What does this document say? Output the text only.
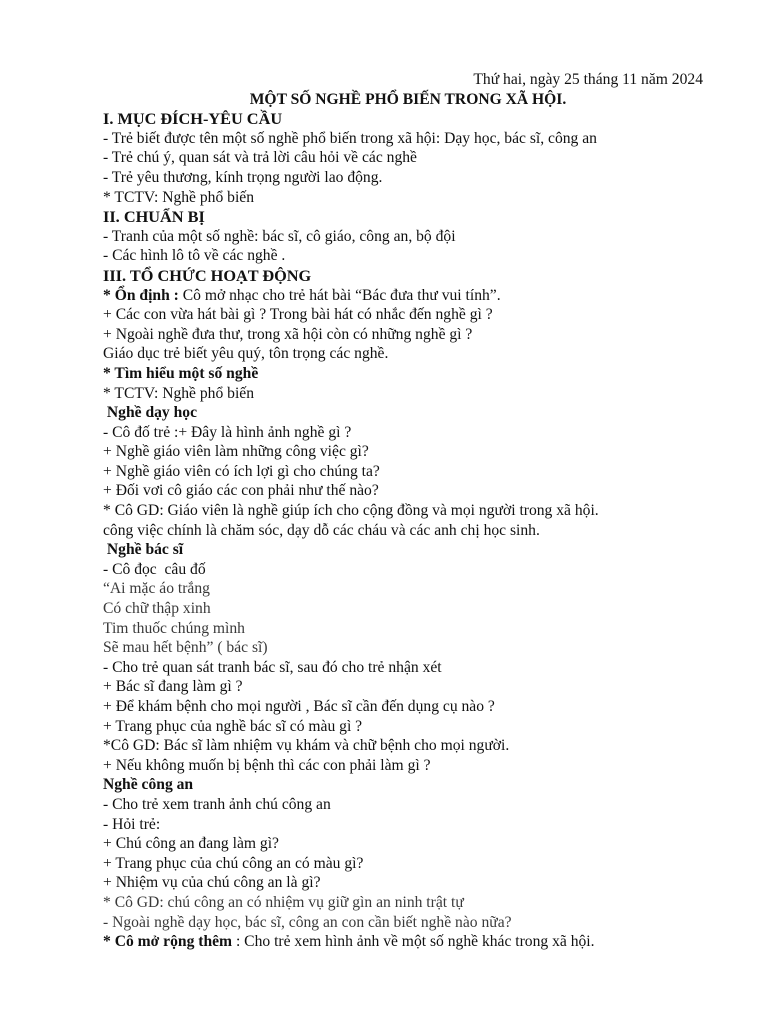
Thứ hai, ngày 25 tháng 11 năm 2024
MỘT SỐ NGHỀ PHỔ BIẾN TRONG XÃ HỘI.
I. MỤC ĐÍCH-YÊU CẦU
- Trẻ biết được tên một số nghề phổ biến trong xã hội: Dạy học, bác sĩ, công an
- Trẻ chú ý, quan sát và trả lời câu hỏi về các nghề
- Trẻ yêu thương, kính trọng người lao động.
* TCTV: Nghề phổ biến
II. CHUẨN BỊ
- Tranh của một số nghề: bác sĩ, cô giáo, công an, bộ đội
- Các hình lô tô về các nghề .
III. TỔ CHỨC HOẠT ĐỘNG
* Ổn định : Cô mở nhạc cho trẻ hát bài “Bác đưa thư vui tính”.
+ Các con vừa hát bài gì ? Trong bài hát có nhắc đến nghề gì ?
+ Ngoài nghề đưa thư, trong xã hội còn có những nghề gì ?
Giáo dục trẻ biết yêu quý, tôn trọng các nghề.
* Tìm hiểu một số nghề
* TCTV: Nghề phổ biến
Nghề dạy học
- Cô đố trẻ :+ Đây là hình ảnh nghề gì ?
+ Nghề giáo viên làm những công việc gì?
+ Nghề giáo viên có ích lợi gì cho chúng ta?
+ Đối vơi cô giáo các con phải như thế nào?
* Cô GD: Giáo viên là nghề giúp ích cho cộng đồng và mọi người trong xã hội.
công việc chính là chăm sóc, dạy dỗ các cháu và các anh chị học sinh.
Nghề bác sĩ
- Cô đọc  câu đố
“Ai mặc áo trắng
Có chữ thập xinh
Tim thuốc chúng mình
Sẽ mau hết bệnh” ( bác sĩ)
- Cho trẻ quan sát tranh bác sĩ, sau đó cho trẻ nhận xét
+ Bác sĩ đang làm gì ?
+ Để khám bệnh cho mọi người , Bác sĩ cần đến dụng cụ nào ?
+ Trang phục của nghề bác sĩ có màu gì ?
*Cô GD: Bác sĩ làm nhiệm vụ khám và chữ bệnh cho mọi người.
+ Nếu không muốn bị bệnh thì các con phải làm gì ?
Nghề công an
- Cho trẻ xem tranh ảnh chú công an
- Hỏi trẻ:
+ Chú công an đang làm gì?
+ Trang phục của chú công an có màu gì?
+ Nhiệm vụ của chú công an là gì?
* Cô GD: chú công an có nhiệm vụ giữ gìn an ninh trật tự
- Ngoài nghề dạy học, bác sĩ, công an con cần biết nghề nào nữa?
* Cô mở rộng thêm : Cho trẻ xem hình ảnh về một số nghề khác trong xã hội.
